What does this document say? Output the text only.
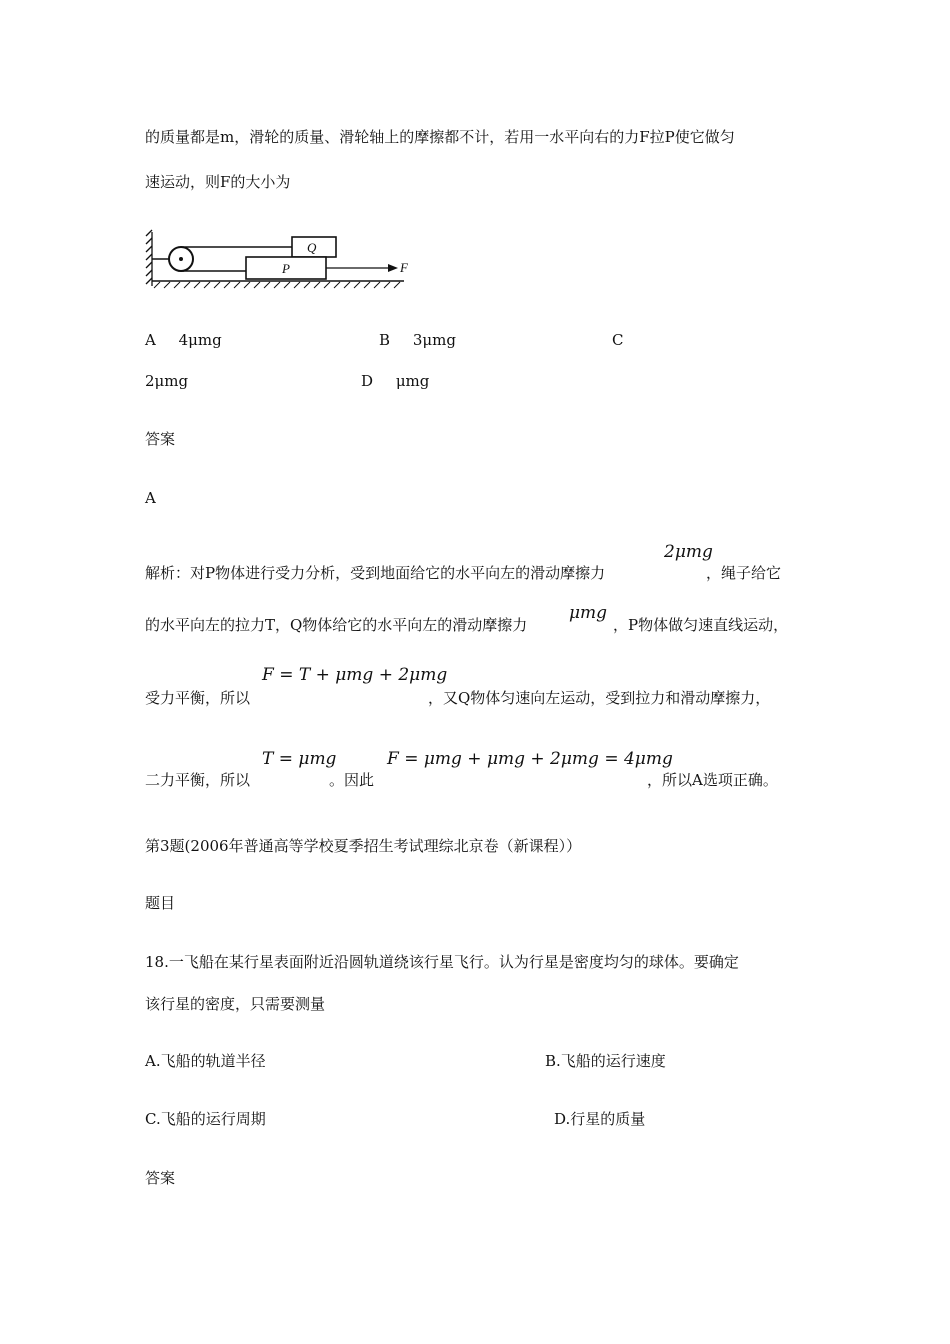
的质量都是m，滑轮的质量、滑轮轴上的摩擦都不计，若用一水平向右的力F拉P使它做匀
速运动，则F的大小为
Q
P	F
A 4μmg	B 3μmg	C
2μmg	D μmg
答案
A
2μmg
解析：对P物体进行受力分析，受到地面给它的水平向左的滑动摩擦力	，绳子给它
的水平向左的拉力T，Q物体给它的水平向左的滑动摩擦力
μmg
，P物体做匀速直线运动，
F = T + μmg + 2μmg
受力平衡，所以	，又Q物体匀速向左运动，受到拉力和滑动摩擦力，
T = μmg	F = μmg + μmg + 2μmg = 4μmg
二力平衡，所以	。因此	，所以A选项正确。
第3题(2006年普通高等学校夏季招生考试理综北京卷（新课程））
题目
18.一飞船在某行星表面附近沿圆轨道绕该行星飞行。认为行星是密度均匀的球体。要确定
该行星的密度，只需要测量
A.飞船的轨道半径	B.飞船的运行速度
C.飞船的运行周期	D.行星的质量
答案
